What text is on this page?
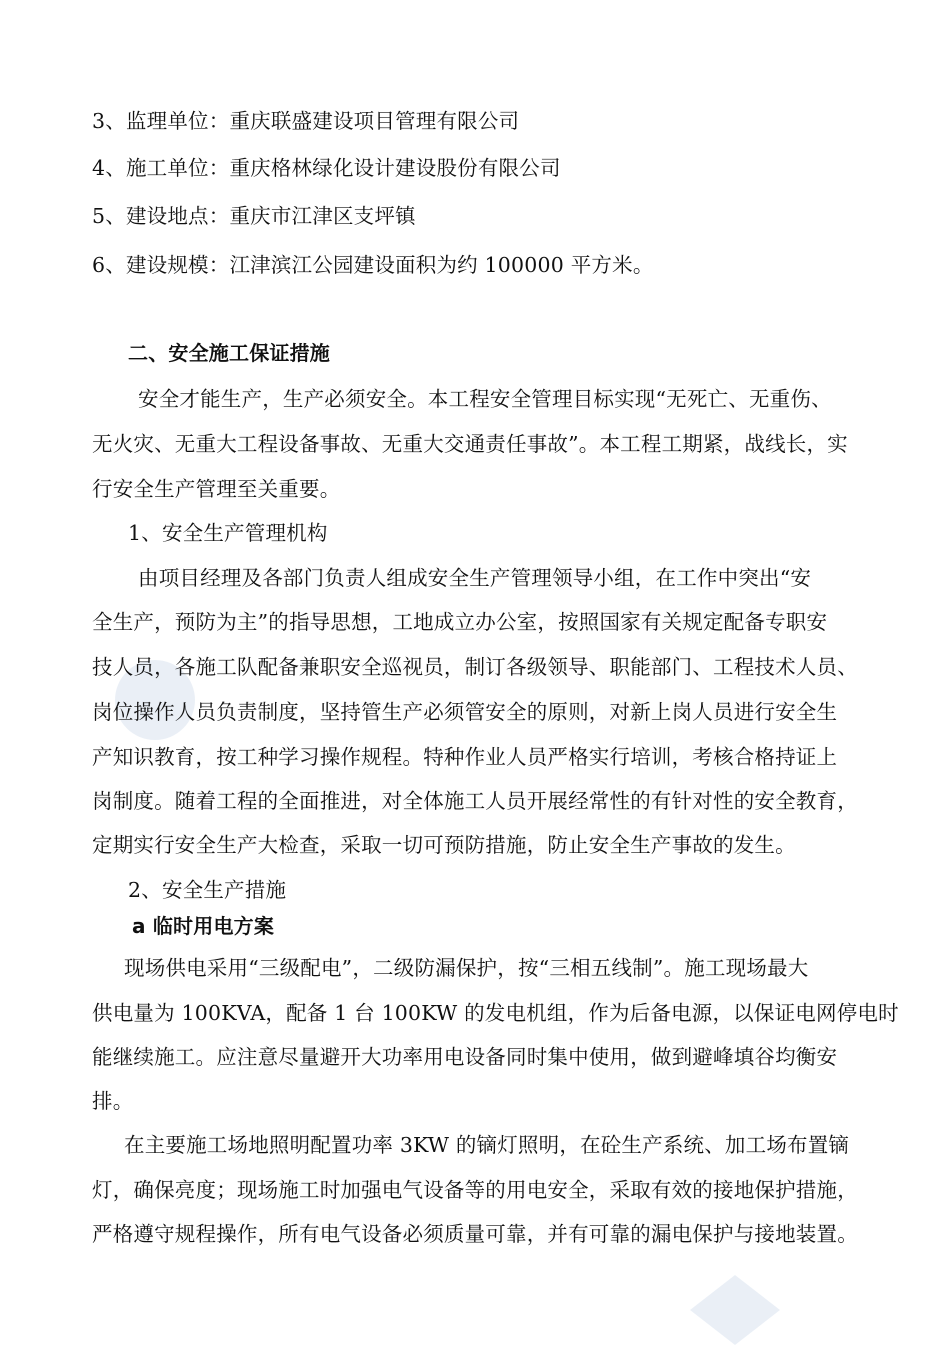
3、监理单位：重庆联盛建设项目管理有限公司
4、施工单位：重庆格林绿化设计建设股份有限公司
5、建设地点：重庆市江津区支坪镇
6、建设规模：江津滨江公园建设面积为约 100000 平方米。
二、安全施工保证措施
安全才能生产，生产必须安全。本工程安全管理目标实现“无死亡、无重伤、
无火灾、无重大工程设备事故、无重大交通责任事故”。本工程工期紧，战线长，实
行安全生产管理至关重要。
1、安全生产管理机构
由项目经理及各部门负责人组成安全生产管理领导小组，在工作中突出“安
全生产，预防为主”的指导思想，工地成立办公室，按照国家有关规定配备专职安
技人员，各施工队配备兼职安全巡视员，制订各级领导、职能部门、工程技术人员、
岗位操作人员负责制度，坚持管生产必须管安全的原则，对新上岗人员进行安全生
产知识教育，按工种学习操作规程。特种作业人员严格实行培训，考核合格持证上
岗制度。随着工程的全面推进，对全体施工人员开展经常性的有针对性的安全教育，
定期实行安全生产大检查，采取一切可预防措施，防止安全生产事故的发生。
2、安全生产措施
a 临时用电方案
现场供电采用“三级配电”，二级防漏保护，按“三相五线制”。施工现场最大
供电量为 100KVA，配备 1 台 100KW 的发电机组，作为后备电源，以保证电网停电时
能继续施工。应注意尽量避开大功率用电设备同时集中使用，做到避峰填谷均衡安
排。
在主要施工场地照明配置功率 3KW 的镝灯照明，在砼生产系统、加工场布置镝
灯，确保亮度；现场施工时加强电气设备等的用电安全，采取有效的接地保护措施，
严格遵守规程操作，所有电气设备必须质量可靠，并有可靠的漏电保护与接地装置。
